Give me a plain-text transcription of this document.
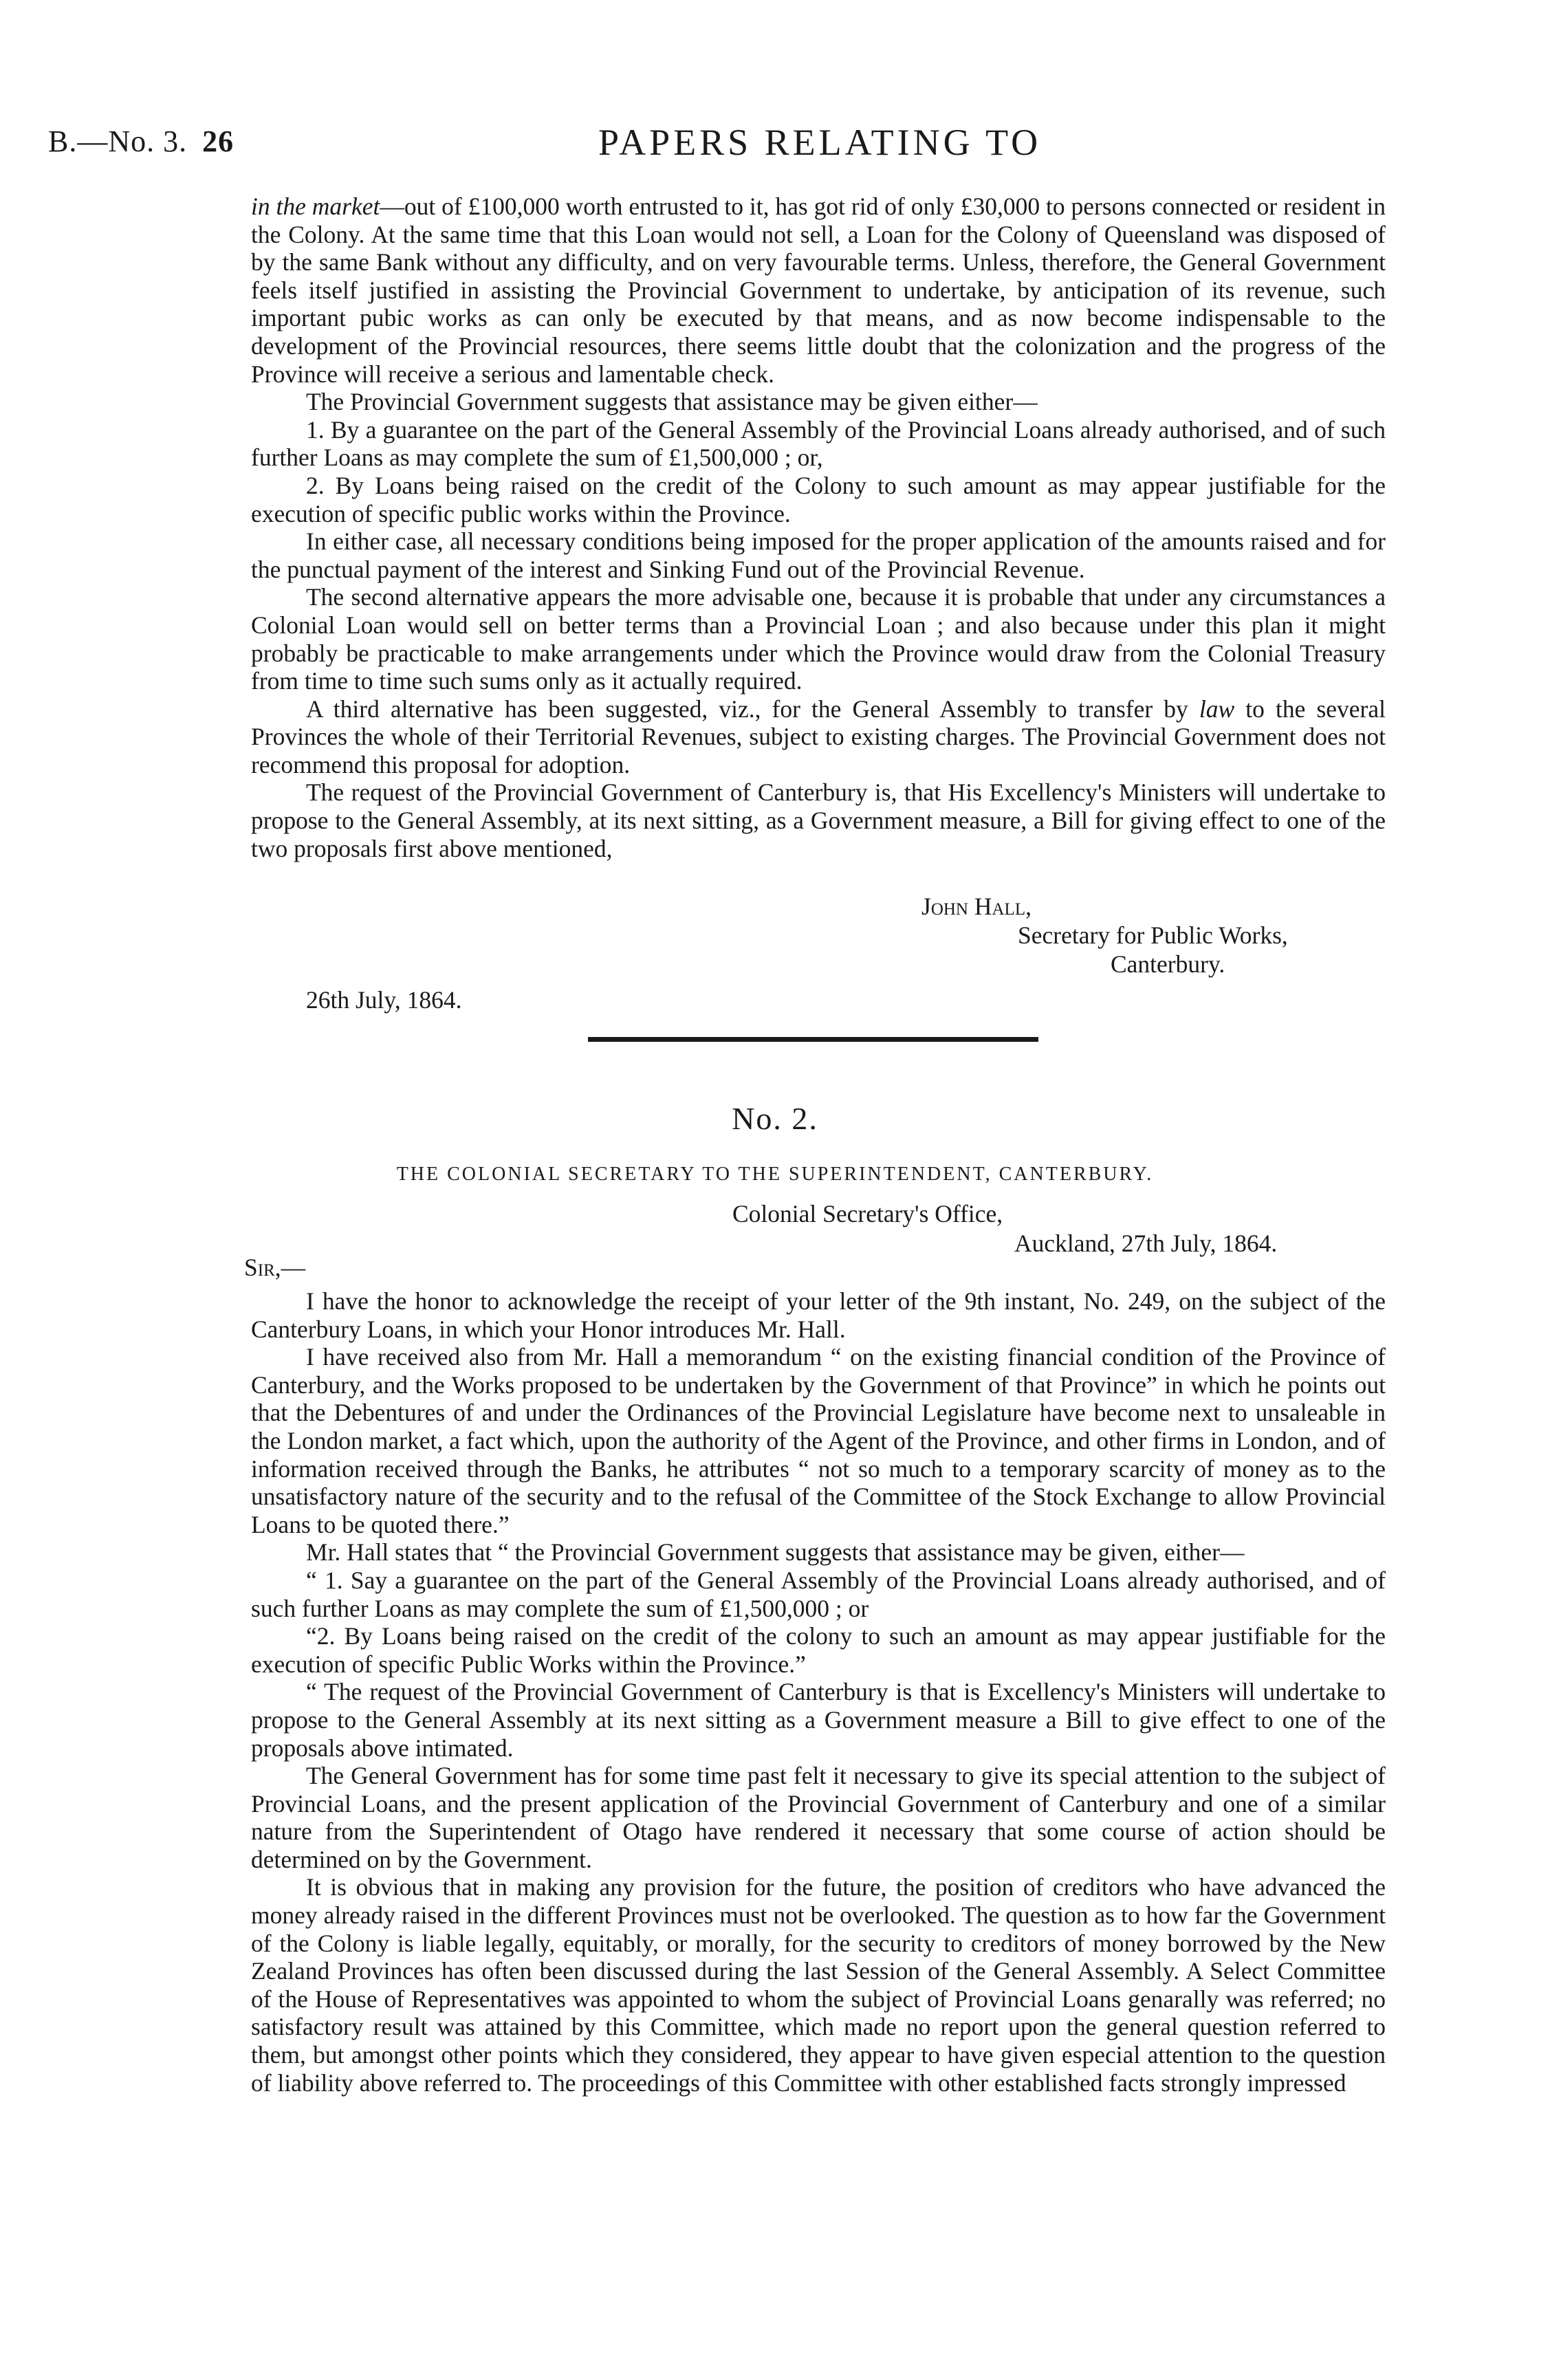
B.—No. 3. 26	PAPERS RELATING TO

in the market—out of £100,000 worth entrusted to it, has got rid of only £30,000 to persons connected or resident in the Colony. At the same time that this Loan would not sell, a Loan for the Colony of Queensland was disposed of by the same Bank without any difficulty, and on very favourable terms. Unless, therefore, the General Government feels itself justified in assisting the Provincial Government to undertake, by anticipation of its revenue, such important pubic works as can only be executed by that means, and as now become indispensable to the development of the Provincial resources, there seems little doubt that the colonization and the progress of the Province will receive a serious and lamentable check.

The Provincial Government suggests that assistance may be given either—

1. By a guarantee on the part of the General Assembly of the Provincial Loans already authorised, and of such further Loans as may complete the sum of £1,500,000 ; or,

2. By Loans being raised on the credit of the Colony to such amount as may appear justifiable for the execution of specific public works within the Province.

In either case, all necessary conditions being imposed for the proper application of the amounts raised and for the punctual payment of the interest and Sinking Fund out of the Provincial Revenue.

The second alternative appears the more advisable one, because it is probable that under any circumstances a Colonial Loan would sell on better terms than a Provincial Loan ; and also because under this plan it might probably be practicable to make arrangements under which the Province would draw from the Colonial Treasury from time to time such sums only as it actually required.

A third alternative has been suggested, viz., for the General Assembly to transfer by law to the several Provinces the whole of their Territorial Revenues, subject to existing charges. The Provincial Government does not recommend this proposal for adoption.

The request of the Provincial Government of Canterbury is, that His Excellency's Ministers will undertake to propose to the General Assembly, at its next sitting, as a Government measure, a Bill for giving effect to one of the two proposals first above mentioned,

John Hall,
Secretary for Public Works,
Canterbury.
26th July, 1864.
No. 2.
THE COLONIAL SECRETARY TO THE SUPERINTENDENT, CANTERBURY.
Colonial Secretary's Office,
Auckland, 27th July, 1864.
Sir,—

I have the honor to acknowledge the receipt of your letter of the 9th instant, No. 249, on the subject of the Canterbury Loans, in which your Honor introduces Mr. Hall.

I have received also from Mr. Hall a memorandum “ on the existing financial condition of the Province of Canterbury, and the Works proposed to be undertaken by the Government of that Province” in which he points out that the Debentures of and under the Ordinances of the Provincial Legislature have become next to unsaleable in the London market, a fact which, upon the authority of the Agent of the Province, and other firms in London, and of information received through the Banks, he attributes “ not so much to a temporary scarcity of money as to the unsatisfactory nature of the security and to the refusal of the Committee of the Stock Exchange to allow Provincial Loans to be quoted there.”

Mr. Hall states that “ the Provincial Government suggests that assistance may be given, either—

“ 1. Say a guarantee on the part of the General Assembly of the Provincial Loans already authorised, and of such further Loans as may complete the sum of £1,500,000 ; or

“2. By Loans being raised on the credit of the colony to such an amount as may appear justifiable for the execution of specific Public Works within the Province.”

“ The request of the Provincial Government of Canterbury is that is Excellency's Ministers will undertake to propose to the General Assembly at its next sitting as a Government measure a Bill to give effect to one of the proposals above intimated.

The General Government has for some time past felt it necessary to give its special attention to the subject of Provincial Loans, and the present application of the Provincial Government of Canterbury and one of a similar nature from the Superintendent of Otago have rendered it necessary that some course of action should be determined on by the Government.

It is obvious that in making any provision for the future, the position of creditors who have advanced the money already raised in the different Provinces must not be overlooked. The question as to how far the Government of the Colony is liable legally, equitably, or morally, for the security to creditors of money borrowed by the New Zealand Provinces has often been discussed during the last Session of the General Assembly. A Select Committee of the House of Representatives was appointed to whom the subject of Provincial Loans genarally was referred; no satisfactory result was attained by this Committee, which made no report upon the general question referred to them, but amongst other points which they considered, they appear to have given especial attention to the question of liability above referred to. The proceedings of this Committee with other established facts strongly impressed
